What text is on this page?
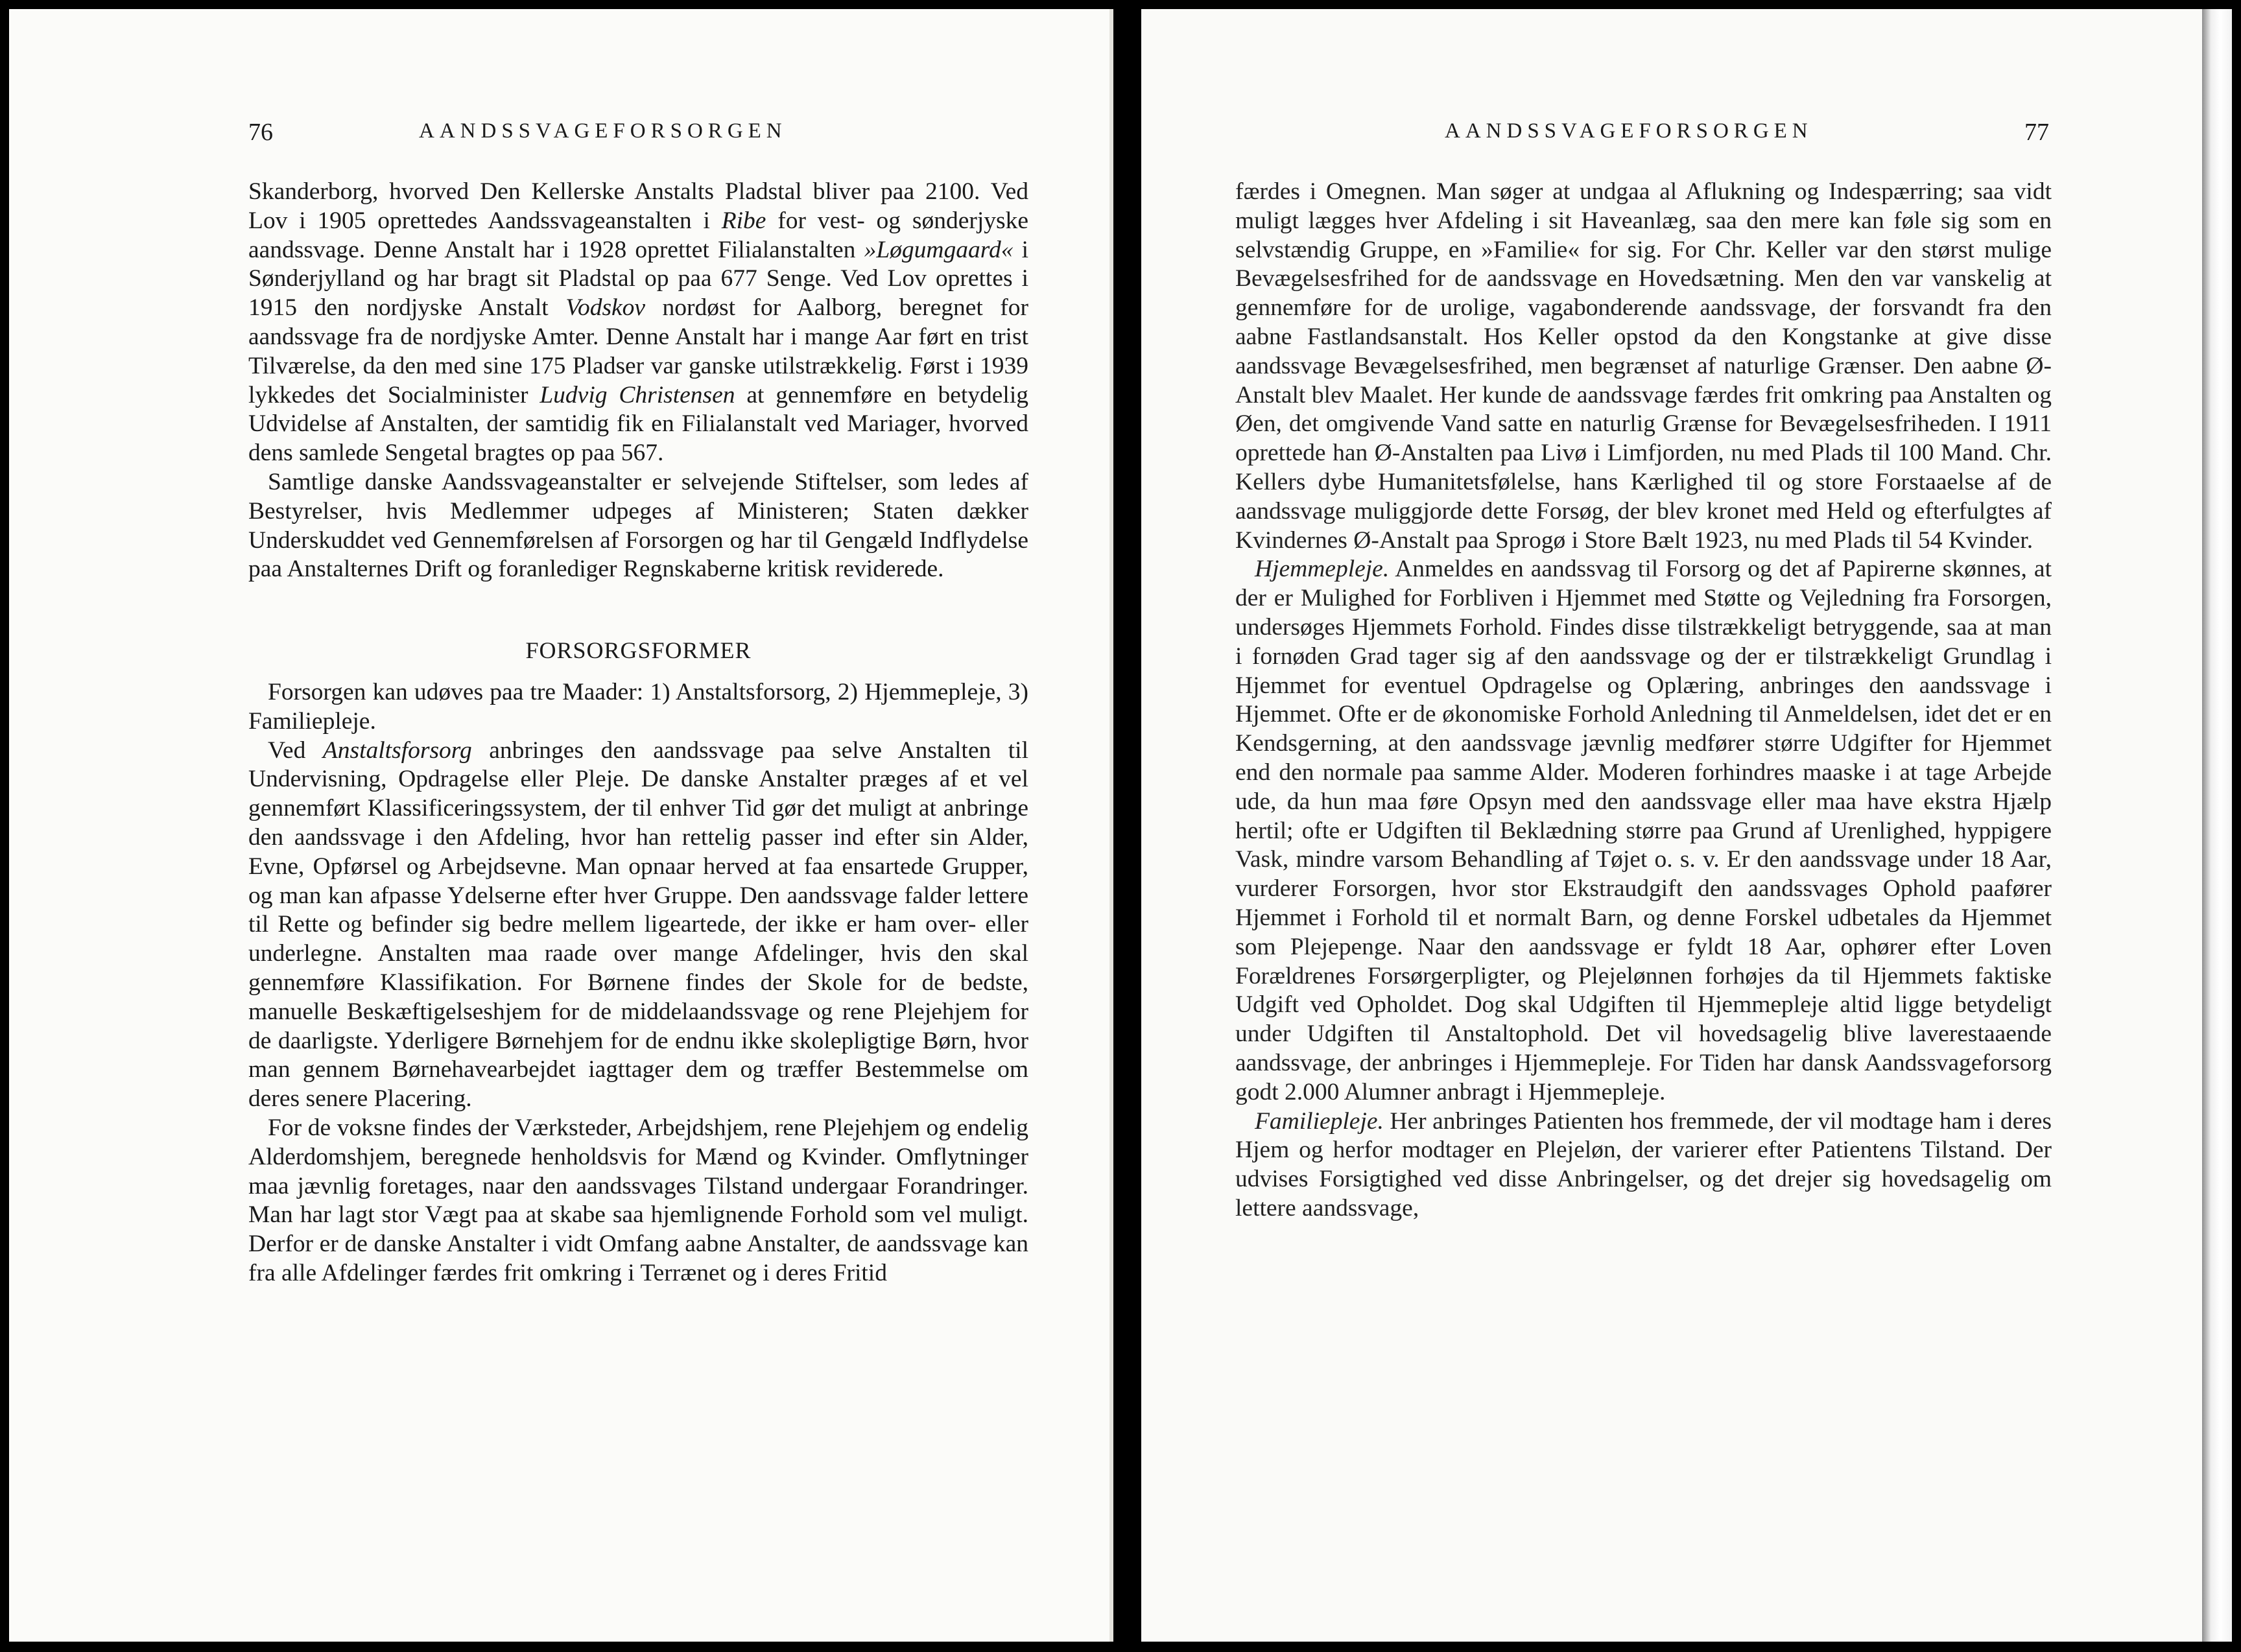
76	AANDSSVAGEFORSORGEN

Skanderborg, hvorved Den Kellerske Anstalts Pladstal bliver paa 2100. Ved Lov i 1905 oprettedes Aandssvageanstalten i Ribe for vest- og sønderjyske aandssvage. Denne Anstalt har i 1928 oprettet Filialanstalten »Løgumgaard« i Sønderjylland og har bragt sit Pladstal op paa 677 Senge. Ved Lov oprettes i 1915 den nordjyske Anstalt Vodskov nordøst for Aalborg, beregnet for aandssvage fra de nordjyske Amter. Denne Anstalt har i mange Aar ført en trist Tilværelse, da den med sine 175 Pladser var ganske utilstrækkelig. Først i 1939 lykkedes det Socialminister Ludvig Christensen at gennemføre en betydelig Udvidelse af Anstalten, der samtidig fik en Filialanstalt ved Mariager, hvorved dens samlede Sengetal bragtes op paa 567.

Samtlige danske Aandssvageanstalter er selvejende Stiftelser, som ledes af Bestyrelser, hvis Medlemmer udpeges af Ministeren; Staten dækker Underskuddet ved Gennemførelsen af Forsorgen og har til Gengæld Indflydelse paa Anstalternes Drift og foranlediger Regnskaberne kritisk reviderede.

FORSORGSFORMER

Forsorgen kan udøves paa tre Maader: 1) Anstaltsforsorg, 2) Hjemmepleje, 3) Familiepleje.

Ved Anstaltsforsorg anbringes den aandssvage paa selve Anstalten til Undervisning, Opdragelse eller Pleje. De danske Anstalter præges af et vel gennemført Klassificeringssystem, der til enhver Tid gør det muligt at anbringe den aandssvage i den Afdeling, hvor han rettelig passer ind efter sin Alder, Evne, Opførsel og Arbejdsevne. Man opnaar herved at faa ensartede Grupper, og man kan afpasse Ydelserne efter hver Gruppe. Den aandssvage falder lettere til Rette og befinder sig bedre mellem ligeartede, der ikke er ham over- eller underlegne. Anstalten maa raade over mange Afdelinger, hvis den skal gennemføre Klassifikation. For Børnene findes der Skole for de bedste, manuelle Beskæftigelseshjem for de middelaandssvage og rene Plejehjem for de daarligste. Yderligere Børnehjem for de endnu ikke skolepligtige Børn, hvor man gennem Børnehavearbejdet iagttager dem og træffer Bestemmelse om deres senere Placering.

For de voksne findes der Værksteder, Arbejdshjem, rene Plejehjem og endelig Alderdomshjem, beregnede henholdsvis for Mænd og Kvinder. Omflytninger maa jævnlig foretages, naar den aandssvages Tilstand undergaar Forandringer. Man har lagt stor Vægt paa at skabe saa hjemlignende Forhold som vel muligt. Derfor er de danske Anstalter i vidt Omfang aabne Anstalter, de aandssvage kan fra alle Afdelinger færdes frit omkring i Terrænet og i deres Fritid

AANDSSVAGEFORSORGEN	77

færdes i Omegnen. Man søger at undgaa al Aflukning og Indespærring; saa vidt muligt lægges hver Afdeling i sit Haveanlæg, saa den mere kan føle sig som en selvstændig Gruppe, en »Familie« for sig. For Chr. Keller var den størst mulige Bevægelsesfrihed for de aandssvage en Hovedsætning. Men den var vanskelig at gennemføre for de urolige, vagabonderende aandssvage, der forsvandt fra den aabne Fastlandsanstalt. Hos Keller opstod da den Kongstanke at give disse aandssvage Bevægelsesfrihed, men begrænset af naturlige Grænser. Den aabne Ø-Anstalt blev Maalet. Her kunde de aandssvage færdes frit omkring paa Anstalten og Øen, det omgivende Vand satte en naturlig Grænse for Bevægelsesfriheden. I 1911 oprettede han Ø-Anstalten paa Livø i Limfjorden, nu med Plads til 100 Mand. Chr. Kellers dybe Humanitetsfølelse, hans Kærlighed til og store Forstaaelse af de aandssvage muliggjorde dette Forsøg, der blev kronet med Held og efterfulgtes af Kvindernes Ø-Anstalt paa Sprogø i Store Bælt 1923, nu med Plads til 54 Kvinder.

Hjemmepleje. Anmeldes en aandssvag til Forsorg og det af Papirerne skønnes, at der er Mulighed for Forbliven i Hjemmet med Støtte og Vejledning fra Forsorgen, undersøges Hjemmets Forhold. Findes disse tilstrækkeligt betryggende, saa at man i fornøden Grad tager sig af den aandssvage og der er tilstrækkeligt Grundlag i Hjemmet for eventuel Opdragelse og Oplæring, anbringes den aandssvage i Hjemmet. Ofte er de økonomiske Forhold Anledning til Anmeldelsen, idet det er en Kendsgerning, at den aandssvage jævnlig medfører større Udgifter for Hjemmet end den normale paa samme Alder. Moderen forhindres maaske i at tage Arbejde ude, da hun maa føre Opsyn med den aandssvage eller maa have ekstra Hjælp hertil; ofte er Udgiften til Beklædning større paa Grund af Urenlighed, hyppigere Vask, mindre varsom Behandling af Tøjet o. s. v. Er den aandssvage under 18 Aar, vurderer Forsorgen, hvor stor Ekstraudgift den aandssvages Ophold paafører Hjemmet i Forhold til et normalt Barn, og denne Forskel udbetales da Hjemmet som Plejepenge. Naar den aandssvage er fyldt 18 Aar, ophører efter Loven Forældrenes Forsørgerpligter, og Plejelønnen forhøjes da til Hjemmets faktiske Udgift ved Opholdet. Dog skal Udgiften til Hjemmepleje altid ligge betydeligt under Udgiften til Anstaltophold. Det vil hovedsagelig blive laverestaaende aandssvage, der anbringes i Hjemmepleje. For Tiden har dansk Aandssvageforsorg godt 2.000 Alumner anbragt i Hjemmepleje.

Familiepleje. Her anbringes Patienten hos fremmede, der vil modtage ham i deres Hjem og herfor modtager en Plejeløn, der varierer efter Patientens Tilstand. Der udvises Forsigtighed ved disse Anbringelser, og det drejer sig hovedsagelig om lettere aandssvage,
